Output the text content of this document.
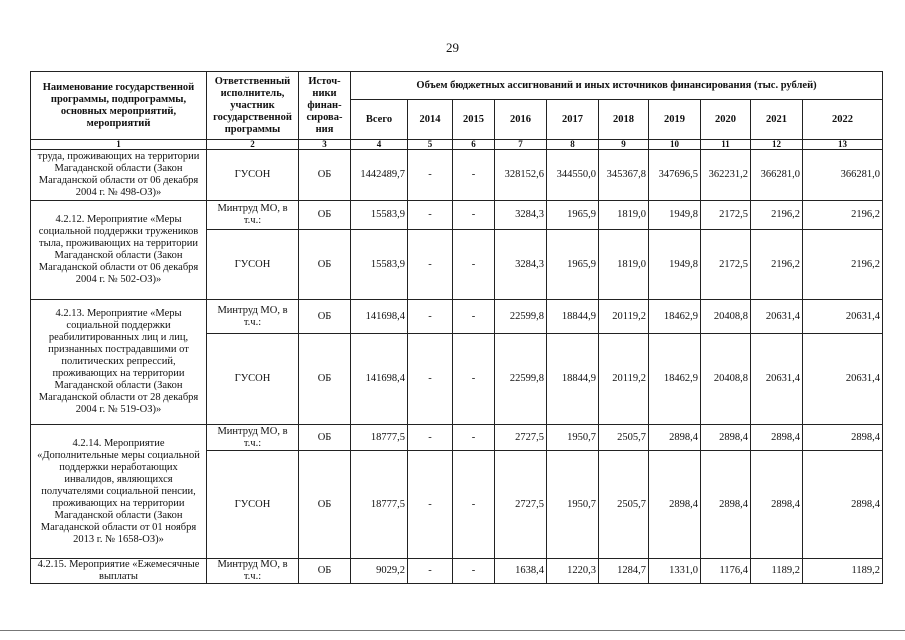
29
Наименование государственной программы, подпрограммы, основных мероприятий, мероприятий	Ответственный исполнитель, участник государственной программы	Источ-ники финан-сирова-ния	Объем бюджетных ассигнований и иных источников финансирования (тыс. рублей)									
			Всего	2014	2015	2016	2017	2018	2019	2020	2021	2022
1	2	3	4	5	6	7	8	9	10	11	12	13
труда, проживающих на территории Магаданской области (Закон Магаданской области от 06 декабря 2004 г. № 498-ОЗ)»	ГУСОН	ОБ	1442489,7	-	-	328152,6	344550,0	345367,8	347696,5	362231,2	366281,0	366281,0
4.2.12. Мероприятие «Меры социальной поддержки тружеников тыла, проживающих на территории Магаданской области (Закон Магаданской области от 06 декабря 2004 г. № 502-ОЗ)»	Минтруд МО, в т.ч.:	ОБ	15583,9	-	-	3284,3	1965,9	1819,0	1949,8	2172,5	2196,2	2196,2
	ГУСОН	ОБ	15583,9	-	-	3284,3	1965,9	1819,0	1949,8	2172,5	2196,2	2196,2
4.2.13. Мероприятие «Меры социальной поддержки реабилитированных лиц и лиц, признанных пострадавшими от политических репрессий, проживающих на территории Магаданской области (Закон Магаданской области от 28 декабря 2004 г. № 519-ОЗ)»	Минтруд МО, в т.ч.:	ОБ	141698,4	-	-	22599,8	18844,9	20119,2	18462,9	20408,8	20631,4	20631,4
	ГУСОН	ОБ	141698,4	-	-	22599,8	18844,9	20119,2	18462,9	20408,8	20631,4	20631,4
4.2.14. Мероприятие «Дополнительные меры социальной поддержки неработающих инвалидов, являющихся получателями социальной пенсии, проживающих на территории Магаданской области (Закон Магаданской области от 01 ноября 2013 г. № 1658-ОЗ)»	Минтруд МО, в т.ч.:	ОБ	18777,5	-	-	2727,5	1950,7	2505,7	2898,4	2898,4	2898,4	2898,4
	ГУСОН	ОБ	18777,5	-	-	2727,5	1950,7	2505,7	2898,4	2898,4	2898,4	2898,4
4.2.15. Мероприятие «Ежемесячные выплаты	Минтруд МО, в т.ч.:	ОБ	9029,2	-	-	1638,4	1220,3	1284,7	1331,0	1176,4	1189,2	1189,2
